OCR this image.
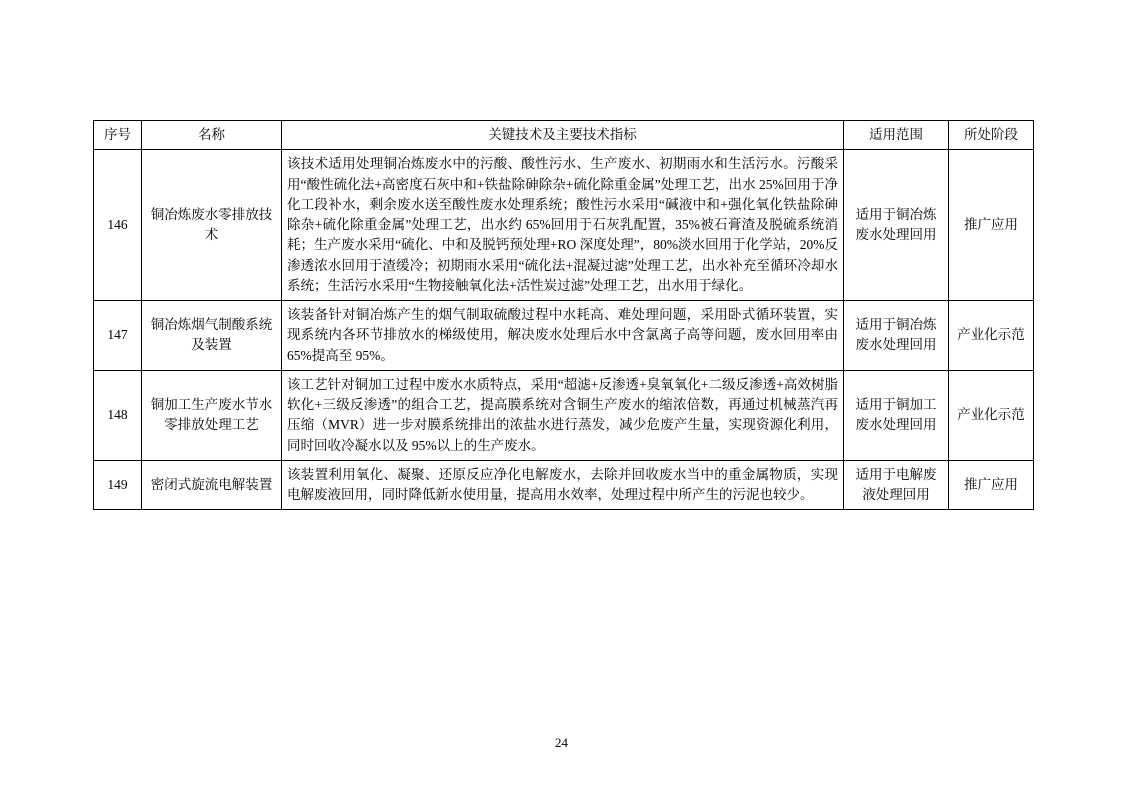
序号	名称	关键技术及主要技术指标	适用范围	所处阶段
146	铜冶炼废水零排放技术	该技术适用处理铜冶炼废水中的污酸、酸性污水、生产废水、初期雨水和生活污水。污酸采用“酸性硫化法+高密度石灰中和+铁盐除砷除杂+硫化除重金属”处理工艺，出水 25%回用于净化工段补水，剩余废水送至酸性废水处理系统；酸性污水采用“碱液中和+强化氧化铁盐除砷除杂+硫化除重金属”处理工艺，出水约 65%回用于石灰乳配置，35%被石膏渣及脱硫系统消耗；生产废水采用“硫化、中和及脱钙预处理+RO 深度处理”，80%淡水回用于化学站，20%反渗透浓水回用于渣缓冷；初期雨水采用“硫化法+混凝过滤”处理工艺，出水补充至循环冷却水系统；生活污水采用“生物接触氧化法+活性炭过滤”处理工艺，出水用于绿化。	适用于铜冶炼废水处理回用	推广应用
147	铜冶炼烟气制酸系统及装置	该装备针对铜冶炼产生的烟气制取硫酸过程中水耗高、难处理问题，采用卧式循环装置，实现系统内各环节排放水的梯级使用，解决废水处理后水中含氯离子高等问题，废水回用率由 65%提高至 95%。	适用于铜冶炼废水处理回用	产业化示范
148	铜加工生产废水节水零排放处理工艺	该工艺针对铜加工过程中废水水质特点，采用“超滤+反渗透+臭氧氧化+二级反渗透+高效树脂软化+三级反渗透”的组合工艺，提高膜系统对含铜生产废水的缩浓倍数，再通过机械蒸汽再压缩（MVR）进一步对膜系统排出的浓盐水进行蒸发，减少危废产生量，实现资源化利用，同时回收冷凝水以及 95%以上的生产废水。	适用于铜加工废水处理回用	产业化示范
149	密闭式旋流电解装置	该装置利用氧化、凝聚、还原反应净化电解废水，去除并回收废水当中的重金属物质，实现电解废液回用，同时降低新水使用量，提高用水效率，处理过程中所产生的污泥也较少。	适用于电解废液处理回用	推广应用
24
